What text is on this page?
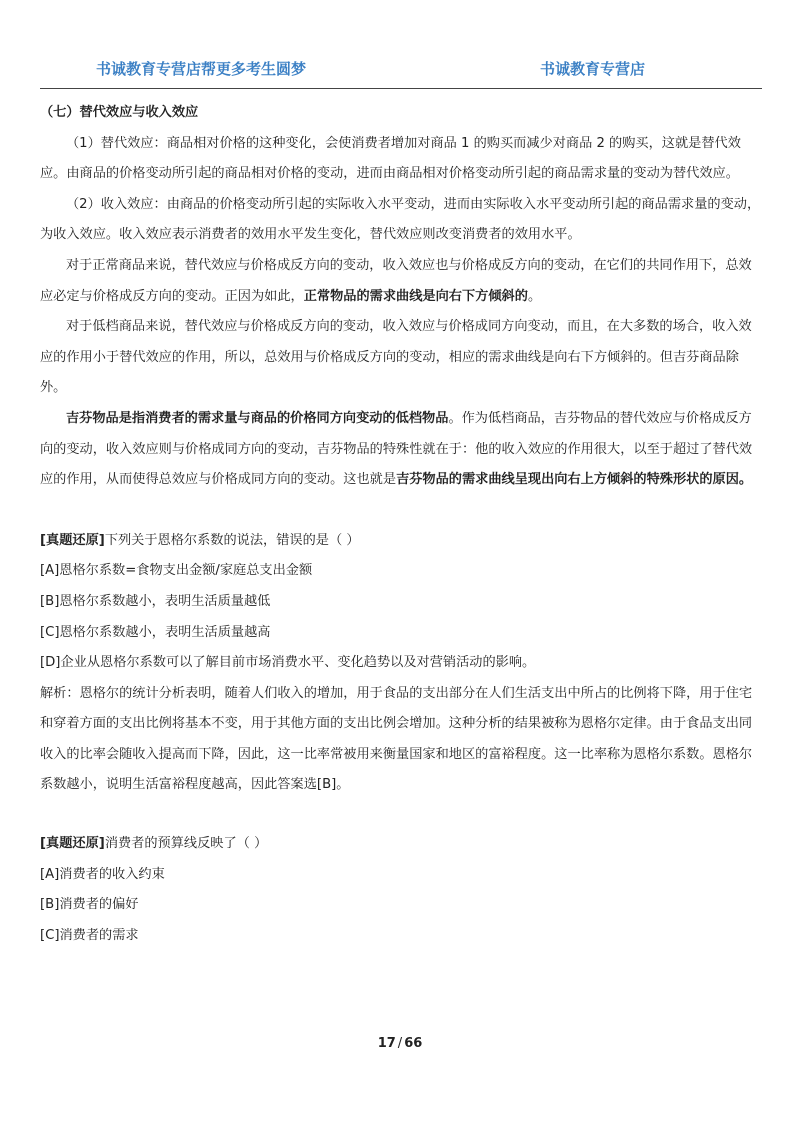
书诚教育专营店帮更多考生圆梦	书诚教育专营店

（七）替代效应与收入效应

（1）替代效应：商品相对价格的这种变化，会使消费者增加对商品 1 的购买而减少对商品 2 的购买，这就是替代效应。由商品的价格变动所引起的商品相对价格的变动，进而由商品相对价格变动所引起的商品需求量的变动为替代效应。

（2）收入效应：由商品的价格变动所引起的实际收入水平变动，进而由实际收入水平变动所引起的商品需求量的变动，为收入效应。收入效应表示消费者的效用水平发生变化，替代效应则改变消费者的效用水平。

对于正常商品来说，替代效应与价格成反方向的变动，收入效应也与价格成反方向的变动，在它们的共同作用下，总效应必定与价格成反方向的变动。正因为如此，正常物品的需求曲线是向右下方倾斜的。

对于低档商品来说，替代效应与价格成反方向的变动，收入效应与价格成同方向变动，而且，在大多数的场合，收入效应的作用小于替代效应的作用，所以，总效用与价格成反方向的变动，相应的需求曲线是向右下方倾斜的。但吉芬商品除外。

吉芬物品是指消费者的需求量与商品的价格同方向变动的低档物品。作为低档商品，吉芬物品的替代效应与价格成反方向的变动，收入效应则与价格成同方向的变动，吉芬物品的特殊性就在于：他的收入效应的作用很大，以至于超过了替代效应的作用，从而使得总效应与价格成同方向的变动。这也就是吉芬物品的需求曲线呈现出向右上方倾斜的特殊形状的原因。

[真题还原]下列关于恩格尔系数的说法，错误的是（ ）

[A]恩格尔系数=食物支出金额/家庭总支出金额

[B]恩格尔系数越小，表明生活质量越低

[C]恩格尔系数越小，表明生活质量越高

[D]企业从恩格尔系数可以了解目前市场消费水平、变化趋势以及对营销活动的影响。

解析：恩格尔的统计分析表明，随着人们收入的增加，用于食品的支出部分在人们生活支出中所占的比例将下降，用于住宅和穿着方面的支出比例将基本不变，用于其他方面的支出比例会增加。这种分析的结果被称为恩格尔定律。由于食品支出同收入的比率会随收入提高而下降，因此，这一比率常被用来衡量国家和地区的富裕程度。这一比率称为恩格尔系数。恩格尔系数越小，说明生活富裕程度越高，因此答案选[B]。

[真题还原]消费者的预算线反映了（ ）

[A]消费者的收入约束

[B]消费者的偏好

[C]消费者的需求

17 / 66
